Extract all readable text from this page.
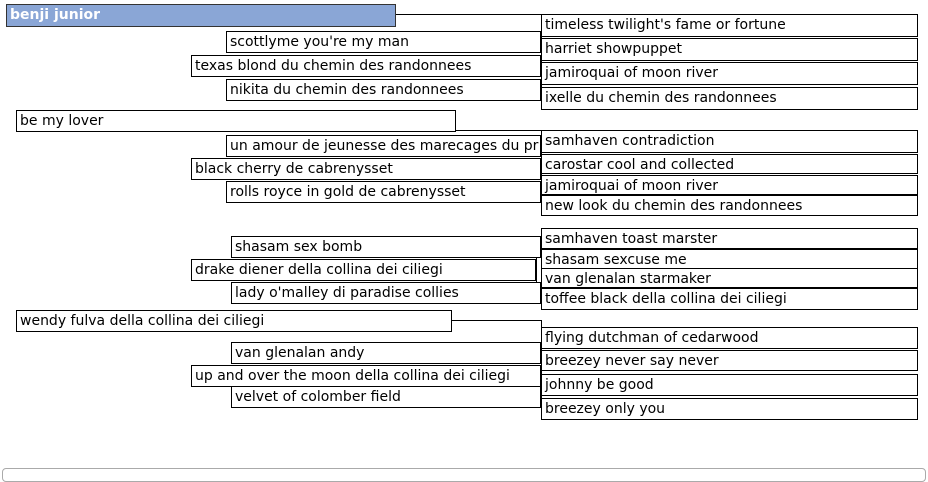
benji junior
timeless twilight's fame or fortune
harriet showpuppet
jamiroquai of moon river
ixelle du chemin des randonnees
scottlyme you're my man
texas blond du chemin des randonnees
nikita du chemin des randonnees
be my lover
un amour de jeunesse des marecages du pr
black cherry de cabrenysset
rolls royce in gold de cabrenysset
samhaven contradiction
carostar cool and collected
jamiroquai of moon river
new look du chemin des randonnees
samhaven toast marster
shasam sexcuse me
van glenalan starmaker
toffee black della collina dei ciliegi
shasam sex bomb
drake diener della collina dei ciliegi
lady o'malley di paradise collies
wendy fulva della collina dei ciliegi
flying dutchman of cedarwood
breezey never say never
johnny be good
breezey only you
van glenalan andy
up and over the moon della collina dei ciliegi
velvet of colomber field
